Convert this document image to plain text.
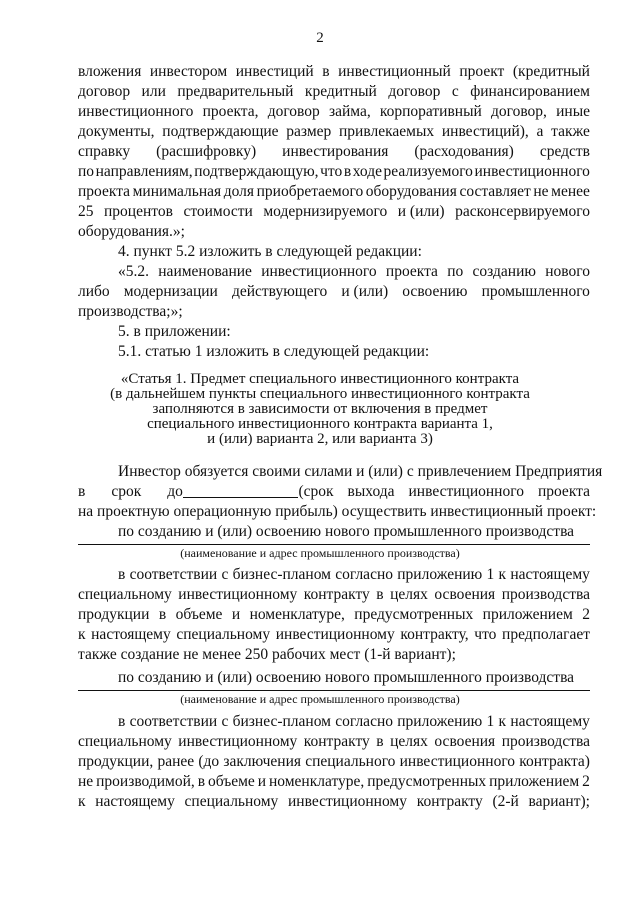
2
вложения инвестором инвестиций в инвестиционный проект (кредитный
договор или предварительный кредитный договор с финансированием
инвестиционного проекта, договор займа, корпоративный договор, иные
документы, подтверждающие размер привлекаемых инвестиций), а также
справку (расшифровку) инвестирования (расходования) средств
по направлениям, подтверждающую, что в ходе реализуемого инвестиционного
проекта минимальная доля приобретаемого оборудования составляет не менее
25 процентов стоимости модернизируемого и (или) расконсервируемого
оборудования.»;
4. пункт 5.2 изложить в следующей редакции:
«5.2. наименование инвестиционного проекта по созданию нового
либо модернизации действующего и (или) освоению промышленного
производства;»;
5. в приложении:
5.1. статью 1 изложить в следующей редакции:
«Статья 1. Предмет специального инвестиционного контракта
(в дальнейшем пункты специального инвестиционного контракта
заполняются в зависимости от включения в предмет
специального инвестиционного контракта варианта 1,
и (или) варианта 2, или варианта 3)
Инвестор обязуется своими силами и (или) с привлечением Предприятия
в срок до	(срок выхода инвестиционного проекта
на проектную операционную прибыль) осуществить инвестиционный проект:
по созданию и (или) освоению нового промышленного производства
(наименование и адрес промышленного производства)
в соответствии с бизнес-планом согласно приложению 1 к настоящему
специальному инвестиционному контракту в целях освоения производства
продукции в объеме и номенклатуре, предусмотренных приложением 2
к настоящему специальному инвестиционному контракту, что предполагает
также создание не менее 250 рабочих мест (1-й вариант);
по созданию и (или) освоению нового промышленного производства
(наименование и адрес промышленного производства)
в соответствии с бизнес-планом согласно приложению 1 к настоящему
специальному инвестиционному контракту в целях освоения производства
продукции, ранее (до заключения специального инвестиционного контракта)
не производимой, в объеме и номенклатуре, предусмотренных приложением 2
к настоящему специальному инвестиционному контракту (2-й вариант);
